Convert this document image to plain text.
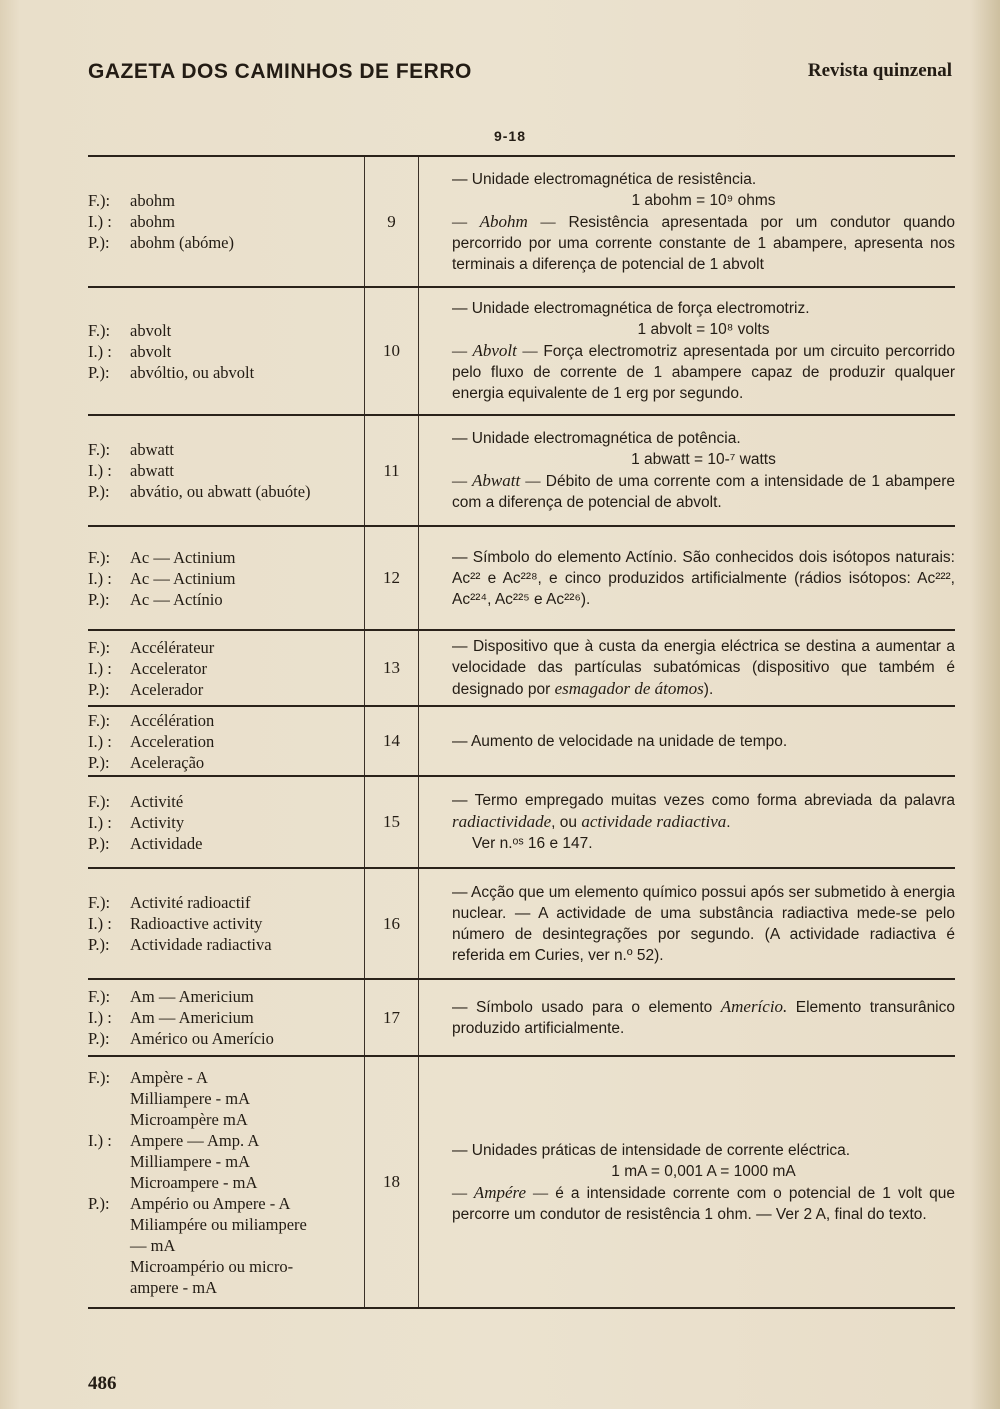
GAZETA DOS CAMINHOS DE FERRO	Revista quinzenal
9-18
F.):	abohm
I.) :	abohm
P.):	abohm (abóme)
9
— Unidade electromagnética de resistência.
1 abohm = 10⁹ ohms
— Abohm — Resistência apresentada por um condutor quando percorrido por uma corrente constante de 1 abampere, apresenta nos terminais a diferença de potencial de 1 abvolt
F.):	abvolt
I.) :	abvolt
P.):	abvóltio, ou abvolt
10
— Unidade electromagnética de força electromotriz.
1 abvolt = 10⁸ volts
— Abvolt — Força electromotriz apresentada por um circuito percorrido pelo fluxo de corrente de 1 abampere capaz de produzir qualquer energia equivalente de 1 erg por segundo.
F.):	abwatt
I.) :	abwatt
P.):	abvátio, ou abwatt (abuóte)
11
— Unidade electromagnética de potência.
1 abwatt = 10-⁷ watts
— Abwatt — Débito de uma corrente com a intensidade de 1 abampere com a diferença de potencial de abvolt.
F.):	Ac — Actinium
I.) :	Ac — Actinium
P.):	Ac — Actínio
12
— Símbolo do elemento Actínio. São conhecidos dois isótopos naturais: Ac²² e Ac²²⁸, e cinco produzidos artificialmente (rádios isótopos: Ac²²², Ac²²⁴, Ac²²⁵ e Ac²²⁶).
F.):	Accélérateur
I.) :	Accelerator
P.):	Acelerador
13
— Dispositivo que à custa da energia eléctrica se destina a aumentar a velocidade das partículas subatómicas (dispositivo que também é designado por esmagador de átomos).
F.):	Accélération
I.) :	Acceleration
P.):	Aceleração
14	— Aumento de velocidade na unidade de tempo.
F.):	Activité
I.) :	Activity
P.):	Actividade
15
— Termo empregado muitas vezes como forma abreviada da palavra radiactividade, ou actividade radiactiva.
Ver n.ᵒˢ 16 e 147.
F.):	Activité radioactif
I.) :	Radioactive activity
P.):	Actividade radiactiva
16
— Acção que um elemento químico possui após ser submetido à energia nuclear. — A actividade de uma substância radiactiva mede-se pelo número de desintegrações por segundo. (A actividade radiactiva é referida em Curies, ver n.º 52).
F.):	Am — Americium
I.) :	Am — Americium
P.):	Américo ou Amerício
17	— Símbolo usado para o elemento Amerício. Elemento transurânico produzido artificialmente.
F.):	Ampère - A
Milliampere - mA
Microampère mA
I.) :	Ampere — Amp. A
Milliampere - mA
Microampere - mA
P.):	Ampério ou Ampere - A
Miliampére ou miliampere
— mA
Microampério ou micro-
ampere - mA
18
— Unidades práticas de intensidade de corrente eléctrica.
1 mA = 0,001 A = 1000 mA
— Ampére — é a intensidade corrente com o potencial de 1 volt que percorre um condutor de resistência 1 ohm. — Ver 2 A, final do texto.
486
